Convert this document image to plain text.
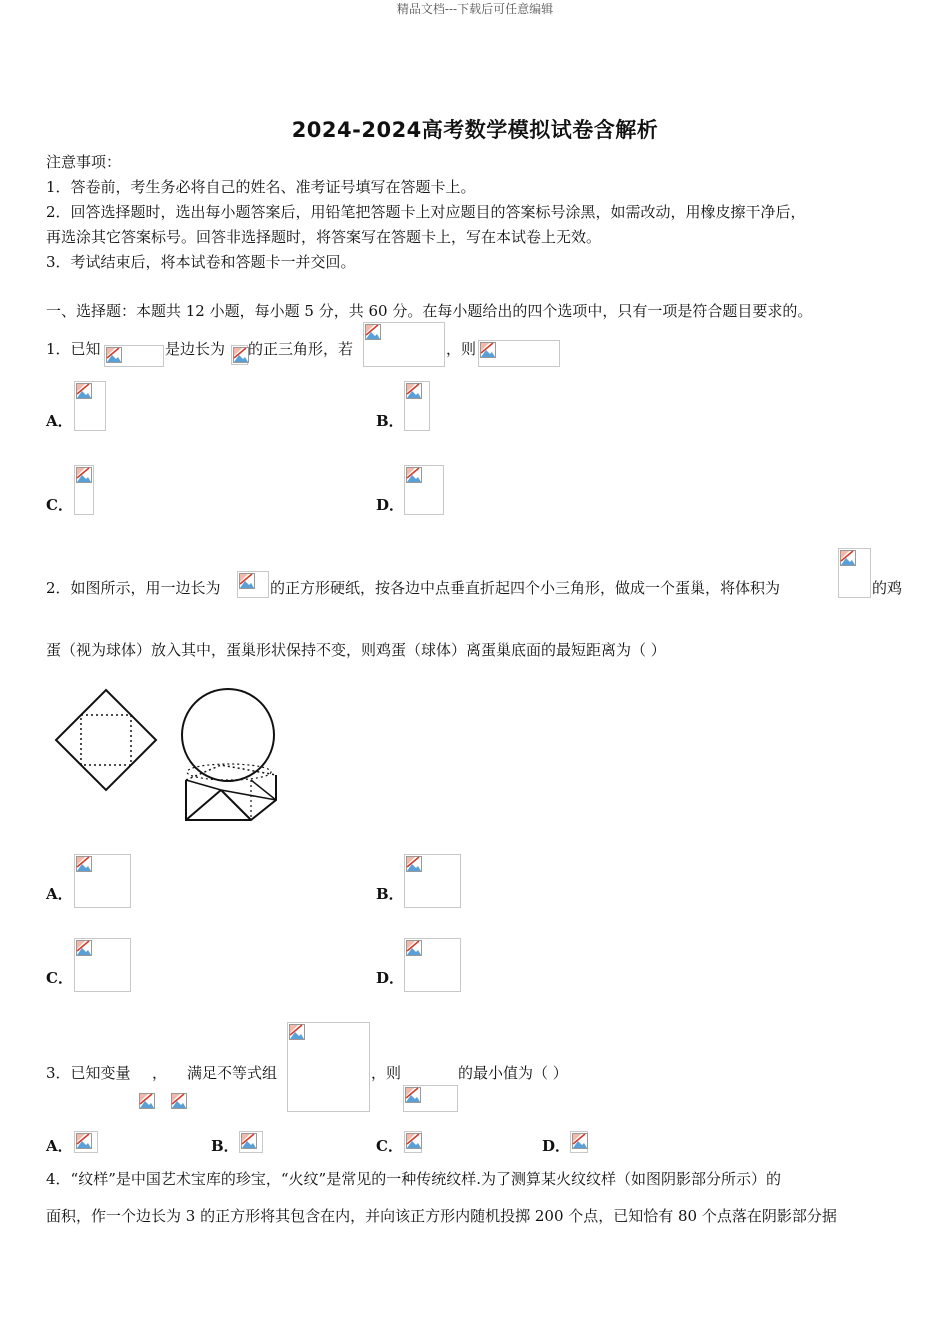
精品文档---下载后可任意编辑
2024-2024高考数学模拟试卷含解析
注意事项：
1．答卷前，考生务必将自己的姓名、准考证号填写在答题卡上。
2．回答选择题时，选出每小题答案后，用铅笔把答题卡上对应题目的答案标号涂黑，如需改动，用橡皮擦干净后，
再选涂其它答案标号。回答非选择题时，将答案写在答题卡上，写在本试卷上无效。
3．考试结束后，将本试卷和答题卡一并交回。
一、选择题：本题共 12 小题，每小题 5 分，共 60 分。在每小题给出的四个选项中，只有一项是符合题目要求的。
1．已知	是边长为 的正三角形，若	，则
A．	B．
C．	D．
2．如图所示，用一边长为	的正方形硬纸，按各边中点垂直折起四个小三角形，做成一个蛋巢，将体积为	的鸡
蛋（视为球体）放入其中，蛋巢形状保持不变，则鸡蛋（球体）离蛋巢底面的最短距离为（ ）
A．	B．
C．	D．
3．已知变量 ， 满足不等式组	，则	的最小值为（ ）
A．	B．	C．	D．
4．“纹样”是中国艺术宝库的珍宝，“火纹”是常见的一种传统纹样.为了测算某火纹纹样（如图阴影部分所示）的
面积，作一个边长为 3 的正方形将其包含在内，并向该正方形内随机投掷 200 个点，已知恰有 80 个点落在阴影部分据
